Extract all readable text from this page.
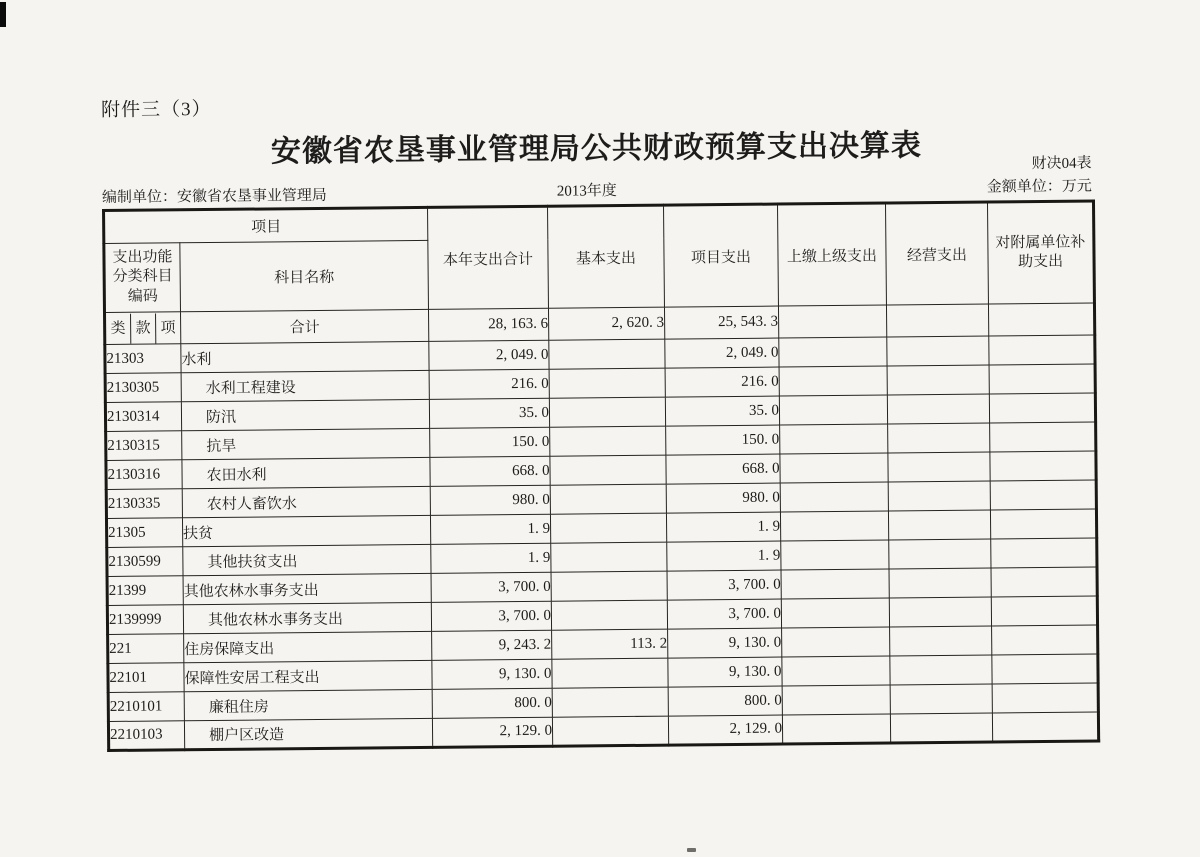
附件三（3）
安徽省农垦事业管理局公共财政预算支出决算表	财决04表
金额单位：万元
编制单位：安徽省农垦事业管理局	2013年度
项目		本年支出合计	基本支出	项目支出	上缴上级支出	经营支出	对附属单位补助支出

支出功能
分类科目
编码	科目名称						

类 款 项	合计	28, 163. 6	2, 620. 3	25, 543. 3			
21303	水利	2, 049. 0		2, 049. 0			
2130305	水利工程建设	216. 0		216. 0			
2130314	防汛	35. 0		35. 0			
2130315	抗旱	150. 0		150. 0			
2130316	农田水利	668. 0		668. 0			
2130335	农村人畜饮水	980. 0		980. 0			
21305	扶贫	1. 9		1. 9			
2130599	其他扶贫支出	1. 9		1. 9			
21399	其他农林水事务支出	3, 700. 0		3, 700. 0			
2139999	其他农林水事务支出	3, 700. 0		3, 700. 0			
221	住房保障支出	9, 243. 2	113. 2	9, 130. 0			
22101	保障性安居工程支出	9, 130. 0		9, 130. 0			
2210101	廉租住房	800. 0		800. 0			
2210103	棚户区改造	2, 129. 0		2, 129. 0			
